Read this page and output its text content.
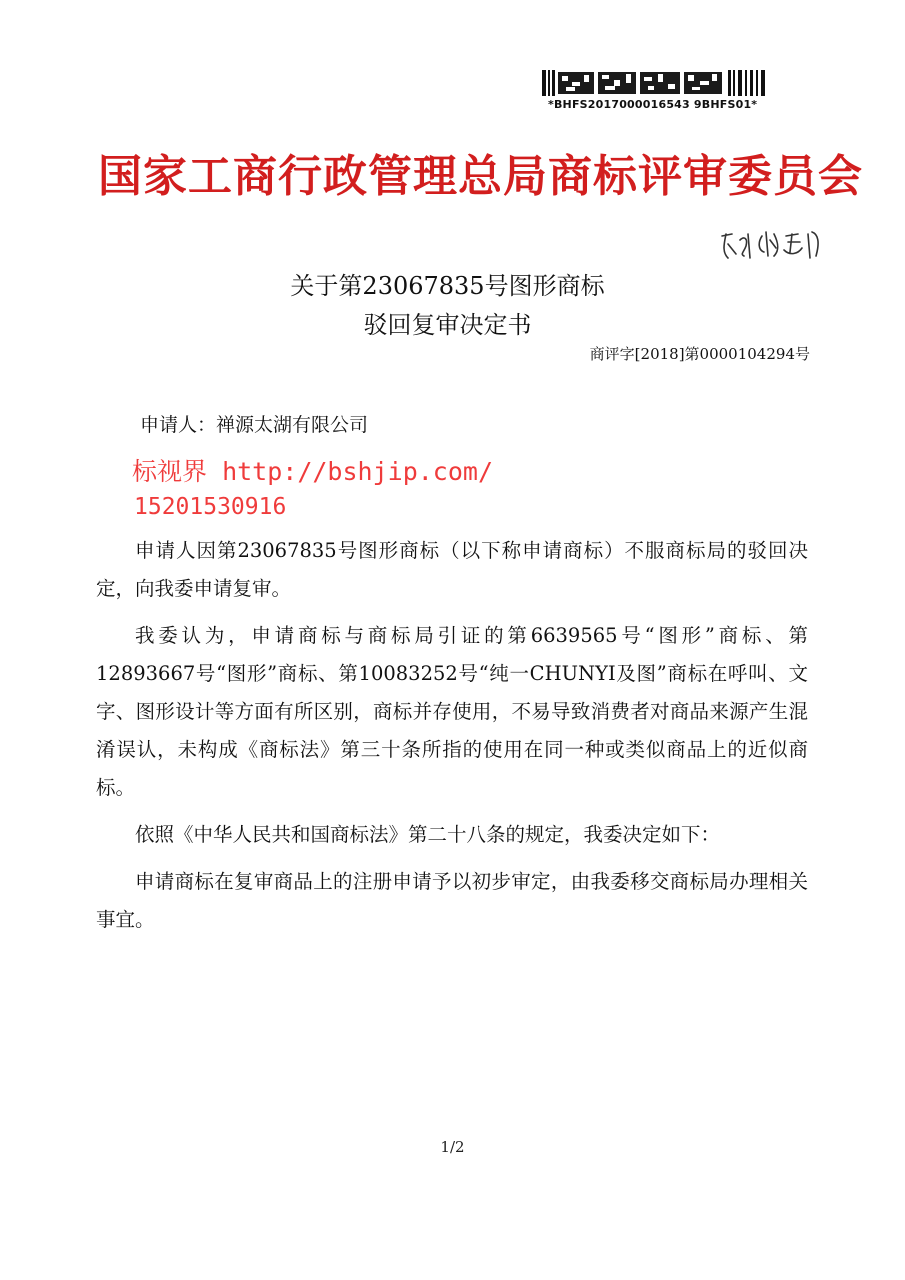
*BHFS2017000016543 9BHFS01*
国家工商行政管理总局商标评审委员会
关于第23067835号图形商标
驳回复审决定书
商评字[2018]第0000104294号
申请人：禅源太湖有限公司
标视界 http://bshjip.com/
15201530916

申请人因第23067835号图形商标（以下称申请商标）不服商标局的驳回决定，向我委申请复审。

我委认为，申请商标与商标局引证的第6639565号“图形”商标、第12893667号“图形”商标、第10083252号“纯一CHUNYI及图”商标在呼叫、文字、图形设计等方面有所区别，商标并存使用，不易导致消费者对商品来源产生混淆误认，未构成《商标法》第三十条所指的使用在同一种或类似商品上的近似商标。

依照《中华人民共和国商标法》第二十八条的规定，我委决定如下：

申请商标在复审商品上的注册申请予以初步审定，由我委移交商标局办理相关事宜。

1/2
